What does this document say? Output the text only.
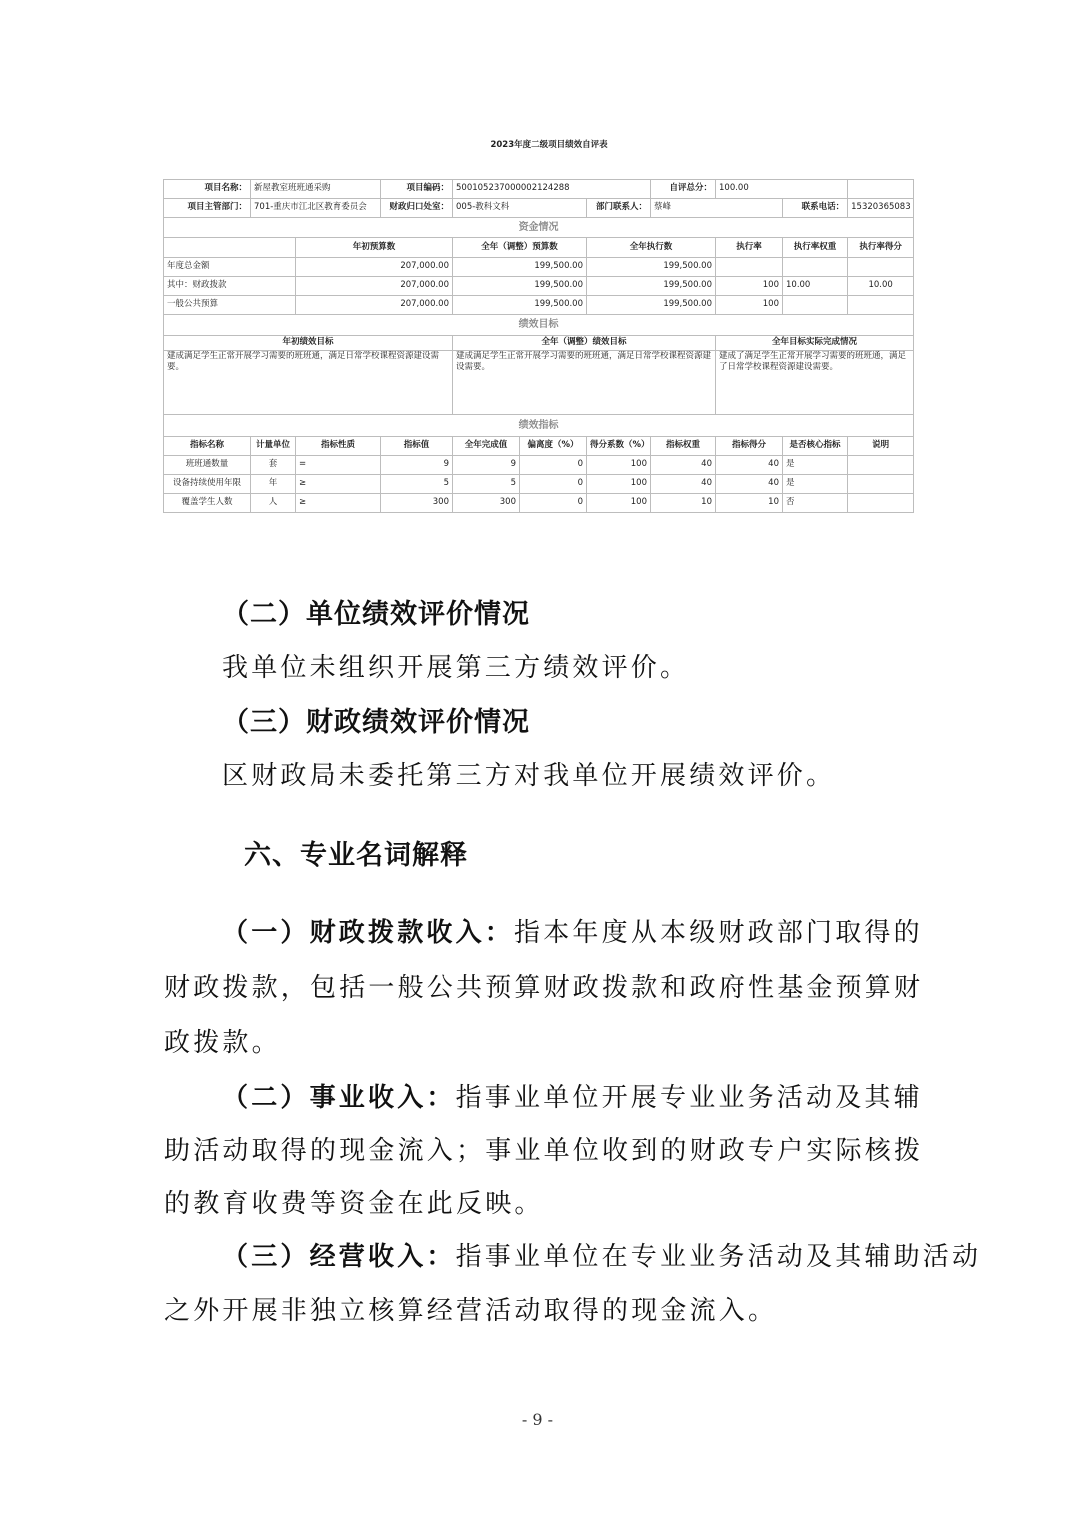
	2023年度二级项目绩效自评表									

项目名称：	新屋教室班班通采购		项目编码：	500105237000002124288			自评总分：	100.00		
项目主管部门：	701-重庆市江北区教育委员会		财政归口处室：	005-教科文科		部门联系人：	蔡峰		联系电话：	15320365083
资金情况										
		年初预算数		全年（调整）预算数		全年执行数		执行率	执行率权重	执行率得分
年度总金额		207,000.00		199,500.00		199,500.00				
其中：财政拨款		207,000.00		199,500.00		199,500.00		100	10.00	10.00
一般公共预算		207,000.00		199,500.00		199,500.00		100		
绩效目标										
年初绩效目标				全年（调整）绩效目标				全年目标实际完成情况		
建成满足学生正常开展学习需要的班班通，满足日常学校课程资源建设需要。				建成满足学生正常开展学习需要的班班通，满足日常学校课程资源建设需要。				建成了满足学生正常开展学习需要的班班通，满足了日常学校课程资源建设需要。		
绩效指标										
指标名称	计量单位	指标性质	指标值	全年完成值	偏离度（%）	得分系数（%）	指标权重	指标得分	是否核心指标	说明
班班通数量	套	=	9	9	0	100	40	40	是	
设备持续使用年限	年	≥	5	5	0	100	40	40	是	
覆盖学生人数	人	≥	300	300	0	100	10	10	否	
（二）单位绩效评价情况
我单位未组织开展第三方绩效评价。
（三）财政绩效评价情况
区财政局未委托第三方对我单位开展绩效评价。
六、专业名词解释
（一）财政拨款收入：指本年度从本级财政部门取得的
财政拨款，包括一般公共预算财政拨款和政府性基金预算财
政拨款。
（二）事业收入：指事业单位开展专业业务活动及其辅
助活动取得的现金流入；事业单位收到的财政专户实际核拨
的教育收费等资金在此反映。
（三）经营收入：指事业单位在专业业务活动及其辅助活动
之外开展非独立核算经营活动取得的现金流入。
- 9 -
